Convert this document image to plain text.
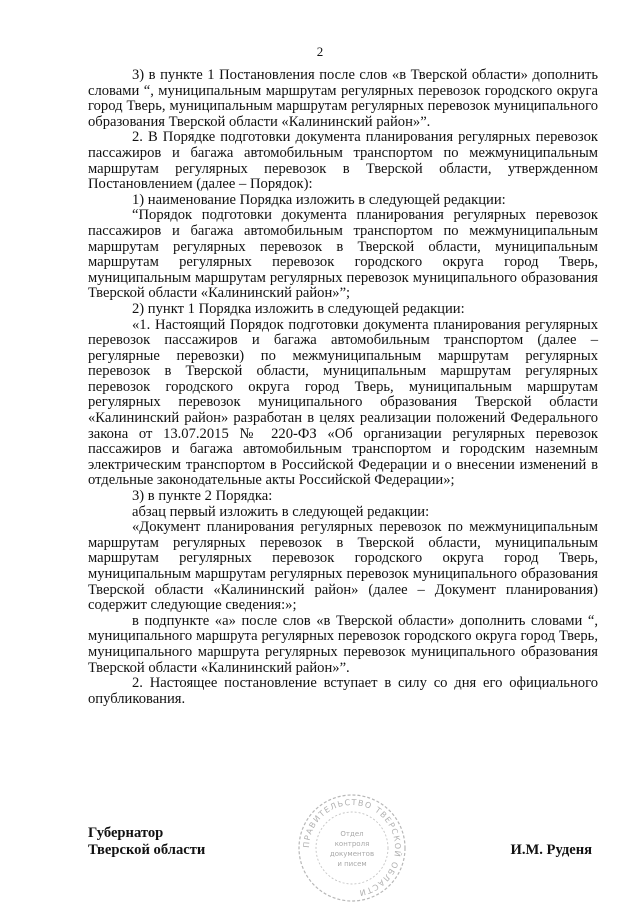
2

3) в пункте 1 Постановления после слов «в Тверской области» дополнить словами “, муниципальным маршрутам регулярных перевозок городского округа город Тверь, муниципальным маршрутам регулярных перевозок муниципального образования Тверской области «Калининский район»”.

2. В Порядке подготовки документа планирования регулярных перевозок пассажиров и багажа автомобильным транспортом по межмуниципальным маршрутам регулярных перевозок в Тверской области, утвержденном Постановлением (далее – Порядок):

1) наименование Порядка изложить в следующей редакции:

“Порядок подготовки документа планирования регулярных перевозок пассажиров и багажа автомобильным транспортом по межмуниципальным маршрутам регулярных перевозок в Тверской области, муниципальным маршрутам регулярных перевозок городского округа город Тверь, муниципальным маршрутам регулярных перевозок муниципального образования Тверской области «Калининский район»”;

2) пункт 1 Порядка изложить в следующей редакции:

«1. Настоящий Порядок подготовки документа планирования регулярных перевозок пассажиров и багажа автомобильным транспортом (далее – регулярные перевозки) по межмуниципальным маршрутам регулярных перевозок в Тверской области, муниципальным маршрутам регулярных перевозок городского округа город Тверь, муниципальным маршрутам регулярных перевозок муниципального образования Тверской области «Калининский район» разработан в целях реализации положений Федерального закона от 13.07.2015 № 220-ФЗ «Об организации регулярных перевозок пассажиров и багажа автомобильным транспортом и городским наземным электрическим транспортом в Российской Федерации и о внесении изменений в отдельные законодательные акты Российской Федерации»;

3) в пункте 2 Порядка:

абзац первый изложить в следующей редакции:

«Документ планирования регулярных перевозок по межмуниципальным маршрутам регулярных перевозок в Тверской области, муниципальным маршрутам регулярных перевозок городского округа город Тверь, муниципальным маршрутам регулярных перевозок муниципального образования Тверской области «Калининский район» (далее – Документ планирования) содержит следующие сведения:»;

в подпункте «а» после слов «в Тверской области» дополнить словами “, муниципального маршрута регулярных перевозок городского округа город Тверь, муниципального маршрута регулярных перевозок муниципального образования Тверской области «Калининский район»”.

2. Настоящее постановление вступает в силу со дня его официального опубликования.

ПРАВИТЕЛЬСТВО ТВЕРСКОЙ ОБЛАСТИ
Отдел
контроля
документов
и писем
Губернатор
Тверской области	И.М. Руденя
